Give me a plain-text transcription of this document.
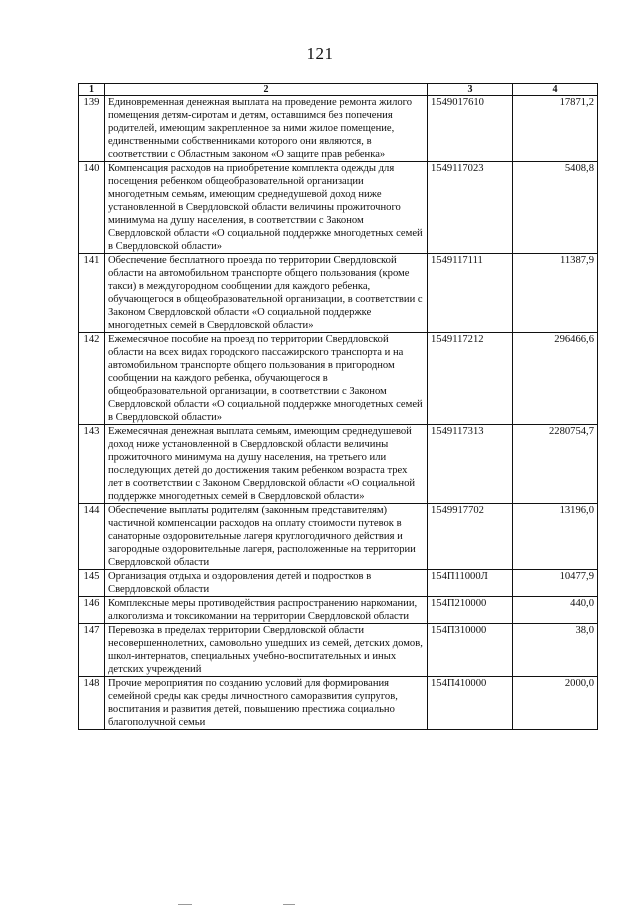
121
1	2	3	4
139	Единовременная денежная выплата на проведение ремонта жилого помещения детям-сиротам и детям, оставшимся без попечения родителей, имеющим закрепленное за ними жилое помещение, единственными собственниками которого они являются, в соответствии с Областным законом «О защите прав ребенка»	1549017610	17871,2
140	Компенсация расходов на приобретение комплекта одежды для посещения ребенком общеобразовательной организации многодетным семьям, имеющим среднедушевой доход ниже установленной в Свердловской области величины прожиточного минимума на душу населения, в соответствии с Законом Свердловской области «О социальной поддержке многодетных семей в Свердловской области»	1549117023	5408,8
141	Обеспечение бесплатного проезда по территории Свердловской области на автомобильном транспорте общего пользования (кроме такси) в междугородном сообщении для каждого ребенка, обучающегося в общеобразовательной организации, в соответствии с Законом Свердловской области «О социальной поддержке многодетных семей в Свердловской области»	1549117111	11387,9
142	Ежемесячное пособие на проезд по территории Свердловской области на всех видах городского пассажирского транспорта и на автомобильном транспорте общего пользования в пригородном сообщении на каждого ребенка, обучающегося в общеобразовательной организации, в соответствии с Законом Свердловской области «О социальной поддержке многодетных семей в Свердловской области»	1549117212	296466,6
143	Ежемесячная денежная выплата семьям, имеющим среднедушевой доход ниже установленной в Свердловской области величины прожиточного минимума на душу населения, на третьего или последующих детей до достижения таким ребенком возраста трех лет в соответствии с Законом Свердловской области «О социальной поддержке многодетных семей в Свердловской области»	1549117313	2280754,7
144	Обеспечение выплаты родителям (законным представителям) частичной компенсации расходов на оплату стоимости путевок в санаторные оздоровительные лагеря круглогодичного действия и загородные оздоровительные лагеря, расположенные на территории Свердловской области	1549917702	13196,0
145	Организация отдыха и оздоровления детей и подростков в Свердловской области	154П11000Л	10477,9
146	Комплексные меры противодействия распространению наркомании, алкоголизма и токсикомании на территории Свердловской области	154П210000	440,0
147	Перевозка в пределах территории Свердловской области несовершеннолетних, самовольно ушедших из семей, детских домов, школ-интернатов, специальных учебно-воспитательных и иных детских учреждений	154П310000	38,0
148	Прочие мероприятия по созданию условий для формирования семейной среды как среды личностного саморазвития супругов, воспитания и развития детей, повышению престижа социально благополучной семьи	154П410000	2000,0
